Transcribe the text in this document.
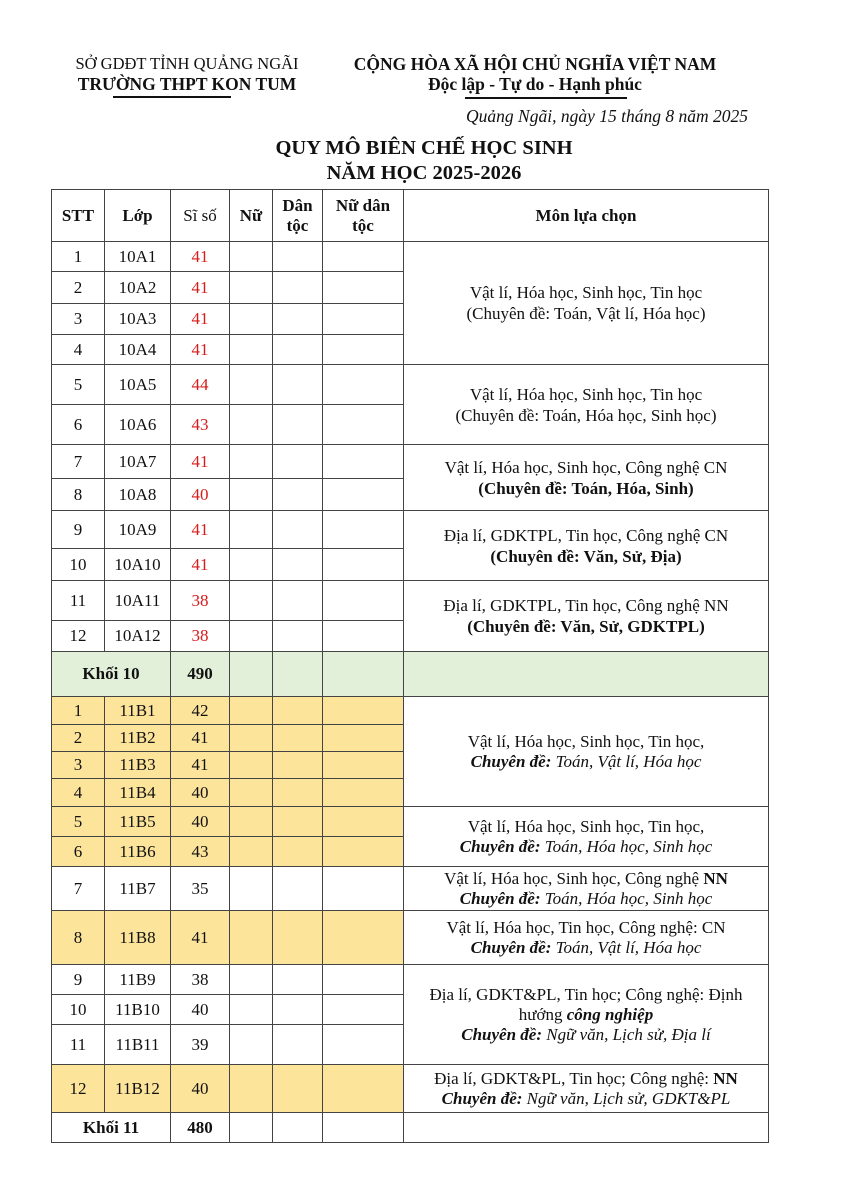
SỞ GDĐT TỈNH QUẢNG NGÃI
TRƯỜNG THPT KON TUM
CỘNG HÒA XÃ HỘI CHỦ NGHĨA VIỆT NAM
Độc lập - Tự do - Hạnh phúc
Quảng Ngãi, ngày 15 tháng 8 năm 2025
QUY MÔ BIÊN CHẾ HỌC SINH
NĂM HỌC 2025-2026
STT	Lớp	Sĩ số	Nữ	Dân tộc	Nữ dân tộc	Môn lựa chọn
1	10A1	41				Vật lí, Hóa học, Sinh học, Tin học
(Chuyên đề: Toán, Vật lí, Hóa học)
2	10A2	41				
3	10A3	41				
4	10A4	41				
5	10A5	44				Vật lí, Hóa học, Sinh học, Tin học
(Chuyên đề: Toán, Hóa học, Sinh học)
6	10A6	43				
7	10A7	41				Vật lí, Hóa học, Sinh học, Công nghệ CN
(Chuyên đề: Toán, Hóa, Sinh)
8	10A8	40				
9	10A9	41				Địa lí, GDKTPL, Tin học, Công nghệ CN
(Chuyên đề: Văn, Sử, Địa)
10	10A10	41				
11	10A11	38				Địa lí, GDKTPL, Tin học, Công nghệ NN
(Chuyên đề: Văn, Sử, GDKTPL)
12	10A12	38				
Khối 10		490				
1	11B1	42				Vật lí, Hóa học, Sinh học, Tin học,
Chuyên đề: Toán, Vật lí, Hóa học
2	11B2	41				
3	11B3	41				
4	11B4	40				
5	11B5	40				Vật lí, Hóa học, Sinh học, Tin học,
Chuyên đề: Toán, Hóa học, Sinh học
6	11B6	43				
7	11B7	35				Vật lí, Hóa học, Sinh học, Công nghệ NN
Chuyên đề: Toán, Hóa học, Sinh học
8	11B8	41				Vật lí, Hóa học, Tin học, Công nghệ: CN
Chuyên đề: Toán, Vật lí, Hóa học
9	11B9	38				Địa lí, GDKT&PL, Tin học; Công nghệ: Định
hướng công nghiệp
Chuyên đề: Ngữ văn, Lịch sử, Địa lí
10	11B10	40				
11	11B11	39				
12	11B12	40				Địa lí, GDKT&PL, Tin học; Công nghệ: NN
Chuyên đề: Ngữ văn, Lịch sử, GDKT&PL
Khối 11		480				
